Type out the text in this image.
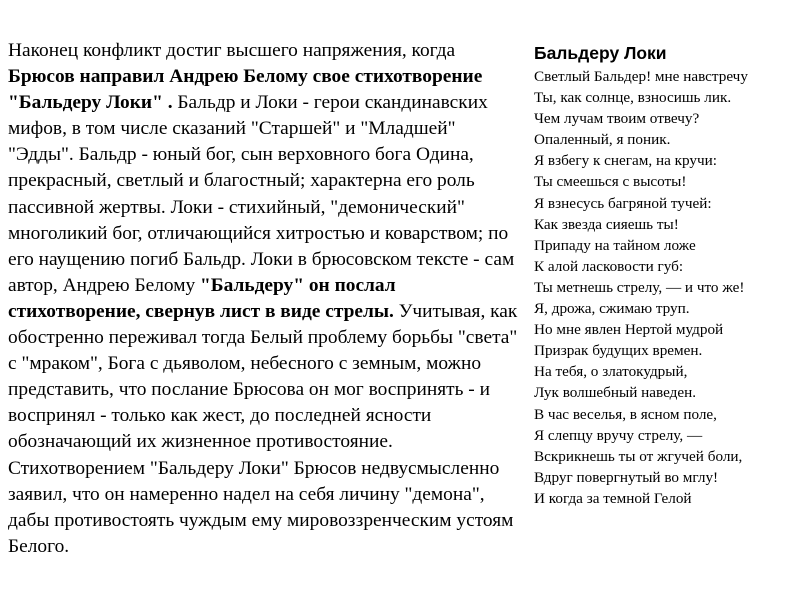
Наконец конфликт достиг высшего напряжения, когда Брюсов направил Андрею Белому свое стихотворение "Бальдеру Локи" . Бальдр и Локи - герои скандинавских мифов, в том числе сказаний "Старшей" и "Младшей" "Эдды". Бальдр - юный бог, сын верховного бога Одина, прекрасный, светлый и благостный; характерна его роль пассивной жертвы. Локи - стихийный, "демонический" многоликий бог, отличающийся хитростью и коварством; по его наущению погиб Бальдр. Локи в брюсовском тексте - сам автор, Андрею Белому "Бальдеру" он послал стихотворение, свернув лист в виде стрелы. Учитывая, как обостренно переживал тогда Белый проблему борьбы "света" с "мраком", Бога с дьяволом, небесного с земным, можно представить, что послание Брюсова он мог воспринять - и воспринял - только как жест, до последней ясности обозначающий их жизненное противостояние.

Стихотворением "Бальдеру Локи" Брюсов недвусмысленно заявил, что он намеренно надел на себя личину "демона", дабы противостоять чуждым ему мировоззренческим устоям Белого.

Бальдеру Локи
Светлый Бальдер! мне навстречу
Ты, как солнце, взносишь лик.
Чем лучам твоим отвечу?
Опаленный, я поник.
Я взбегу к снегам, на кручи:
Ты смеешься с высоты!
Я взнесусь багряной тучей:
Как звезда сияешь ты!
Припаду на тайном ложе
К алой ласковости губ:
Ты метнешь стрелу, — и что же!
Я, дрожа, сжимаю труп.
Но мне явлен Нертой мудрой
Призрак будущих времен.
На тебя, о златокудрый,
Лук волшебный наведен.
В час веселья, в ясном поле,
Я слепцу вручу стрелу, —
Вскрикнешь ты от жгучей боли,
Вдруг повергнутый во мглу!
И когда за темной Гелой
